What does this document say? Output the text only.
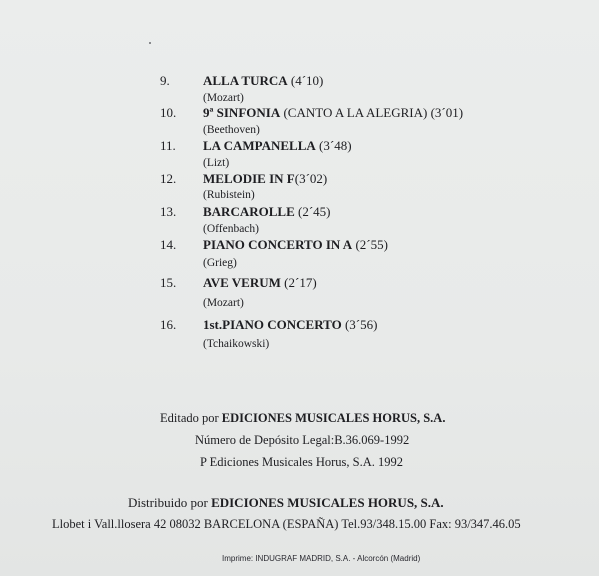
9.	ALLA TURCA (4´10)
(Mozart)
10. 9ª SINFONIA (CANTO A LA ALEGRIA) (3´01)
(Beethoven)
11. LA CAMPANELLA (3´48)
(Lizt)
12. MELODIE IN F(3´02)
(Rubistein)
13. BARCAROLLE (2´45)
(Offenbach)
14. PIANO CONCERTO IN A (2´55)
(Grieg)
15. AVE VERUM (2´17)
(Mozart)
16. 1st.PIANO CONCERTO (3´56)
(Tchaikowski)
Editado por EDICIONES MUSICALES HORUS, S.A.
Número de Depósito Legal:B.36.069-1992
P Ediciones Musicales Horus, S.A. 1992
Distribuido por EDICIONES MUSICALES HORUS, S.A.
Llobet i Vall.llosera 42 08032 BARCELONA (ESPAÑA) Tel.93/348.15.00 Fax: 93/347.46.05
Imprime: INDUGRAF MADRID, S.A. - Alcorcón (Madrid)
